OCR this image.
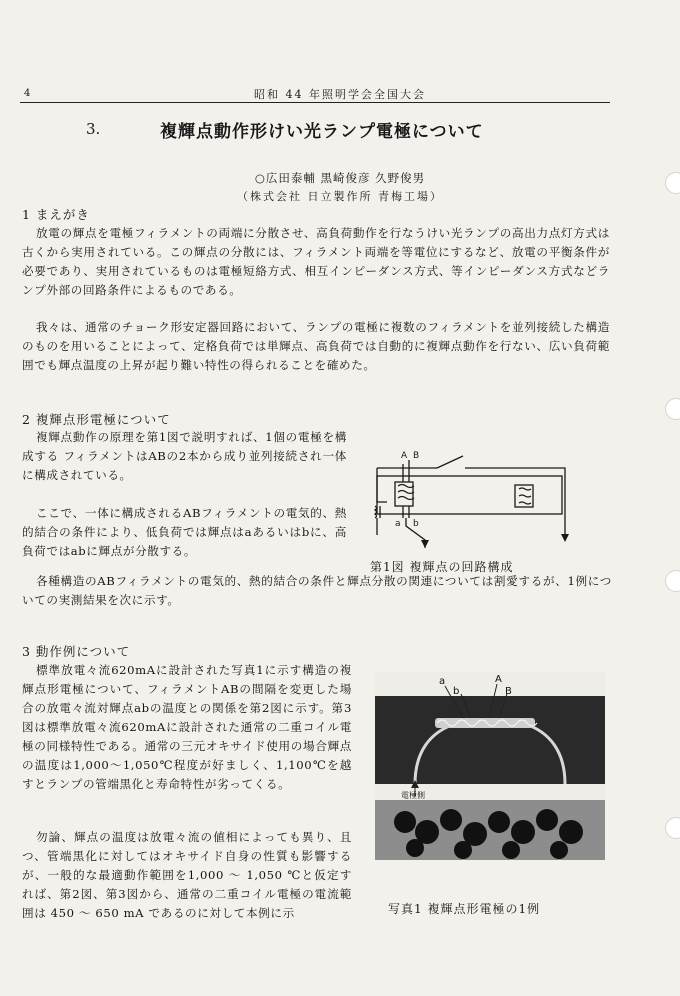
4	昭和 44 年照明学会全国大会
3.	複輝点動作形けい光ランプ電極について
○広田泰輔 黒崎俊彦 久野俊男
（株式会社 日立製作所 青梅工場）
1 まえがき
放電の輝点を電極フィラメントの両端に分散させ、高負荷動作を行なうけい光ランプの高出力点灯方式は古くから実用されている。この輝点の分散には、フィラメント両端を等電位にするなど、放電の平衡条件が必要であり、実用されているものは電極短絡方式、相互インピーダンス方式、等インピーダンス方式などランプ外部の回路条件によるものである。
我々は、通常のチョーク形安定器回路において、ランプの電極に複数のフィラメントを並列接続した構造のものを用いることによって、定格負荷では単輝点、高負荷では自動的に複輝点動作を行ない、広い負荷範囲でも輝点温度の上昇が起り難い特性の得られることを確めた。
2 複輝点形電極について
複輝点動作の原理を第1図で説明すれば、1個の電極を構成する フィラメントはABの2本から成り並列接続され一体に構成されている。
ここで、一体に構成されるABフィラメントの電気的、熱的結合の条件により、低負荷では輝点はaあるいはbに、高負荷ではabに輝点が分散する。
各種構造のABフィラメントの電気的、熱的結合の条件と輝点分散の関連については割愛するが、1例についての実測結果を次に示す。
A B
a b
第1図 複輝点の回路構成
3 動作例について
標準放電々流620mAに設計された写真1に示す構造の複輝点形電極について、フィラメントABの間隔を変更した場合の放電々流対輝点abの温度との関係を第2図に示す。第3図は標準放電々流620mAに設計された通常の二重コイル電極の同様特性である。通常の三元オキサイド使用の場合輝点の温度は1,000〜1,050℃程度が好ましく、1,100℃を越すとランプの管端黒化と寿命特性が劣ってくる。
勿論、輝点の温度は放電々流の値相によっても異り、且つ、管端黒化に対してはオキサイド自身の性質も影響するが、一般的な最適動作範囲を1,000 〜 1,050 ℃と仮定すれば、第2図、第3図から、通常の二重コイル電極の電流範囲は 450 〜 650 mA であるのに対して本例に示
a
b
A
B
電極側
写真1 複輝点形電極の1例
